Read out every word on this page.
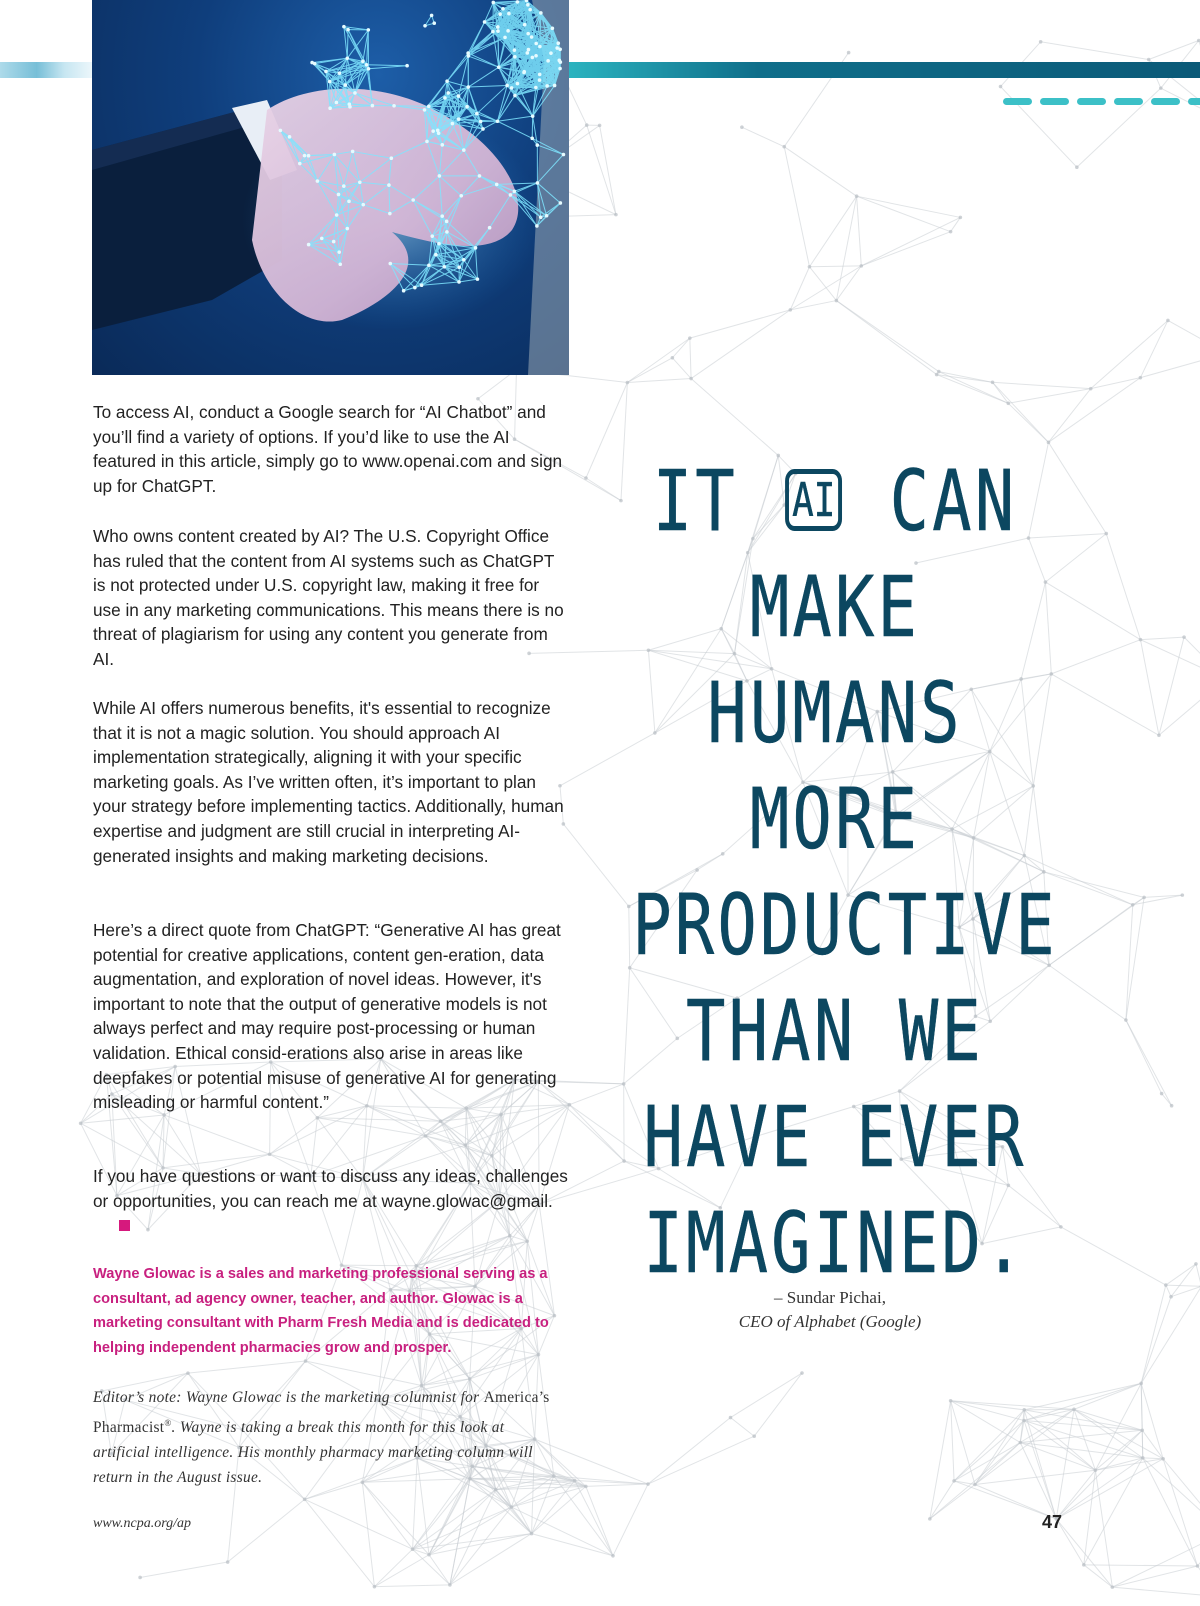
To access AI, conduct a Google search for “AI Chatbot” and you’ll find a variety of options. If you’d like to use the AI featured in this article, simply go to www.openai.com and sign up for ChatGPT.

Who owns content created by AI? The U.S. Copyright Office has ruled that the content from AI systems such as ChatGPT is not protected under U.S. copyright law, making it free for use in any marketing communications. This means there is no threat of plagiarism for using any content you generate from AI.

While AI offers numerous benefits, it's essential to recognize that it is not a magic solution. You should approach AI implementation strategically, aligning it with your specific marketing goals. As I’ve written often, it’s important to plan your strategy before implementing tactics. Additionally, human expertise and judgment are still crucial in interpreting AI-generated insights and making marketing decisions.

Here’s a direct quote from ChatGPT: “Generative AI has great potential for creative applications, content gen-eration, data augmentation, and exploration of novel ideas. However, it's important to note that the output of generative models is not always perfect and may require post-processing or human validation. Ethical consid-erations also arise in areas like deepfakes or potential misuse of generative AI for generating misleading or harmful content.”

If you have questions or want to discuss any ideas, challenges or opportunities, you can reach me at wayne.glowac@gmail.

Wayne Glowac is a sales and marketing professional serving as a consultant, ad agency owner, teacher, and author. Glowac is a marketing consultant with Pharm Fresh Media and is dedicated to helping independent pharmacies grow and prosper.

Editor’s note: Wayne Glowac is the marketing columnist for America’s Pharmacist®. Wayne is taking a break this month for this look at artificial intelligence. His monthly pharmacy marketing column will return in the August issue.

IT AI CAN
MAKE
HUMANS
MORE
PRODUCTIVE
THAN WE
HAVE EVER
IMAGINED.
– Sundar Pichai,
CEO of Alphabet (Google)
www.ncpa.org/ap	47
